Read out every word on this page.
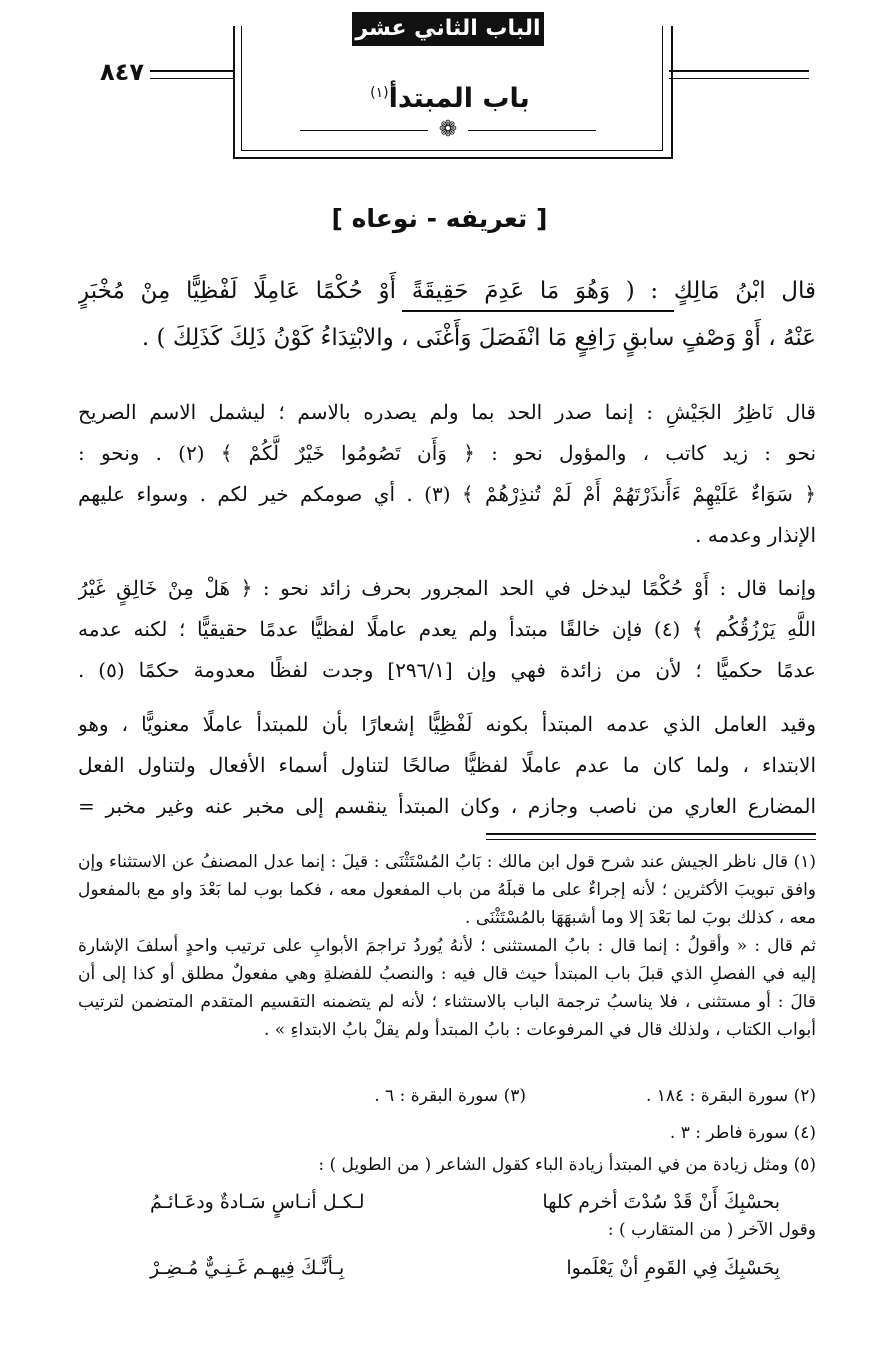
الباب الثاني عشر
٨٤٧
باب المبتدأ$^{(١)}$
❁
[ تعريفه - نوعاه ]
قال ابْنُ مَالِكٍ : ( وَهُوَ مَا عَدِمَ حَقِيقَةً أَوْ حُكْمًا عَامِلًا لَفْظِيًّا مِنْ مُخْبَرٍ
عَنْهُ ، أَوْ وَصْفٍ سابقٍ رَافِعٍ مَا انْفَصَلَ وَأَغْنَى ، والابْتِدَاءُ كَوْنُ ذَلِكَ كَذَلِكَ ) .
قال نَاظِرُ الجَيْشِ : إنما صدر الحد بما ولم يصدره بالاسم ؛ ليشمل الاسم الصريح
نحو : زيد كاتب ، والمؤول نحو : ﴿ وَأَن تَصُومُوا خَيْرٌ لَّكُمْ ﴾ (٢) . ونحو :
﴿ سَوَاءٌ عَلَيْهِمْ ءَأَنذَرْتَهُمْ أَمْ لَمْ تُنذِرْهُمْ ﴾ (٣) . أي صومكم خير لكم . وسواء عليهم
الإنذار وعدمه .
وإنما قال : أَوْ حُكْمًا ليدخل في الحد المجرور بحرف زائد نحو : ﴿ هَلْ مِنْ خَالِقٍ غَيْرُ
اللَّهِ يَرْزُقُكُم ﴾ (٤) فإن خالقًا مبتدأ ولم يعدم عاملًا لفظيًّا عدمًا حقيقيًّا ؛ لكنه عدمه
عدمًا حكميًّا ؛ لأن من زائدة فهي وإن [٢٩٦/١] وجدت لفظًا معدومة حكمًا (٥) .
وقيد العامل الذي عدمه المبتدأ بكونه لَفْظِيًّا إشعارًا بأن للمبتدأ عاملًا معنويًّا ، وهو
الابتداء ، ولما كان ما عدم عاملًا لفظيًّا صالحًا لتناول أسماء الأفعال ولتناول الفعل
المضارع العاري من ناصب وجازم ، وكان المبتدأ ينقسم إلى مخبر عنه وغير مخبر =
(١) قال ناظر الجيش عند شرح قول ابن مالك : بَابُ المُسْتَثْنَى : قيلَ : إنما عدل المصنفُ عن الاستثناء وإن
وافق تبويبَ الأكثرين ؛ لأنه إجراءٌ على ما قبلَهُ من باب المفعول معه ، فكما بوب لما بَعْدَ واو مع بالمفعول
معه ، كذلك بوبَ لما بَعْدَ إلا وما أشبهَهَا بالمُسْتَثْنَى .
ثم قال : « وأقولُ : إنما قال : بابُ المستثنى ؛ لأنهُ يُوردُ تراجمَ الأبوابِ على ترتيب واحدٍ أسلفَ الإشارة
إليه في الفصلِ الذي قبلَ باب المبتدأ حيث قال فيه : والنصبُ للفضلةِ وهي مفعولٌ مطلق أو كذا إلى أن
قالَ : أو مستثنى ، فلا يناسبُ ترجمة الباب بالاستثناء ؛ لأنه لم يتضمنه التقسيم المتقدم المتضمن لترتيب
أبواب الكتاب ، ولذلك قال في المرفوعات : بابُ المبتدأ ولم يقلْ بابُ الابتداءِ » .
(٢) سورة البقرة : ١٨٤ .
(٣) سورة البقرة : ٦ .
(٤) سورة فاطر : ٣ .
(٥) ومثل زيادة من في المبتدأ زيادة الباء كقول الشاعر ( من الطويل ) :
بحسْبِكَ أَنْ قَدْ سُدْتَ أخرم كلها
لـكـل أنـاسٍ سَـادةٌ ودعَـائـمُ
وقول الآخر ( من المتقارب ) :
بِحَسْبِكَ فِي القَومِ أنْ يَعْلَموا
بِـأنَّـكَ فِيهـم غَـنِـيٌّ مُـضِـرْ
